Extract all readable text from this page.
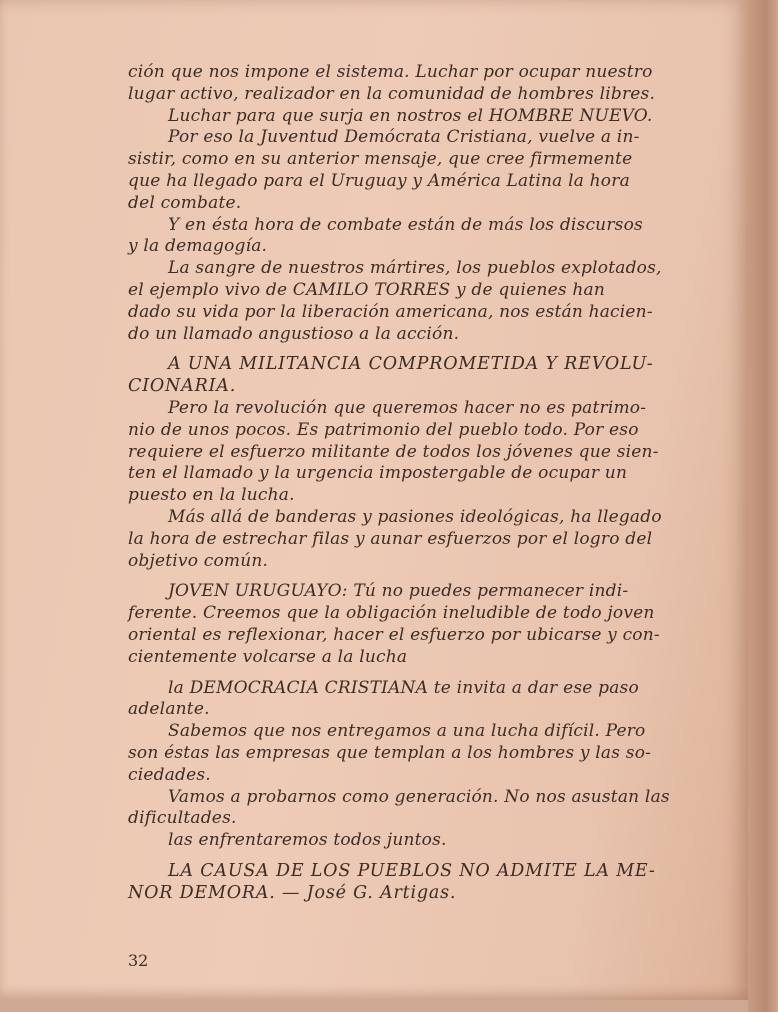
ción que nos impone el sistema. Luchar por ocupar nuestro
lugar activo, realizador en la comunidad de hombres libres.
Luchar para que surja en nostros el HOMBRE NUEVO.
Por eso la Juventud Demócrata Cristiana, vuelve a in-
sistir, como en su anterior mensaje, que cree firmemente
que ha llegado para el Uruguay y América Latina la hora
del combate.
Y en ésta hora de combate están de más los discursos
y la demagogía.
La sangre de nuestros mártires, los pueblos explotados,
el ejemplo vivo de CAMILO TORRES y de quienes han
dado su vida por la liberación americana, nos están hacien-
do un llamado angustioso a la acción.
A UNA MILITANCIA COMPROMETIDA Y REVOLU-
CIONARIA.
Pero la revolución que queremos hacer no es patrimo-
nio de unos pocos. Es patrimonio del pueblo todo. Por eso
requiere el esfuerzo militante de todos los jóvenes que sien-
ten el llamado y la urgencia impostergable de ocupar un
puesto en la lucha.
Más allá de banderas y pasiones ideológicas, ha llegado
la hora de estrechar filas y aunar esfuerzos por el logro del
objetivo común.
JOVEN URUGUAYO: Tú no puedes permanecer indi-
ferente. Creemos que la obligación ineludible de todo joven
oriental es reflexionar, hacer el esfuerzo por ubicarse y con-
cientemente volcarse a la lucha
la DEMOCRACIA CRISTIANA te invita a dar ese paso
adelante.
Sabemos que nos entregamos a una lucha difícil. Pero
son éstas las empresas que templan a los hombres y las so-
ciedades.
Vamos a probarnos como generación. No nos asustan las
dificultades.
las enfrentaremos todos juntos.
LA CAUSA DE LOS PUEBLOS NO ADMITE LA ME-
NOR DEMORA. — José G. Artigas.
32
